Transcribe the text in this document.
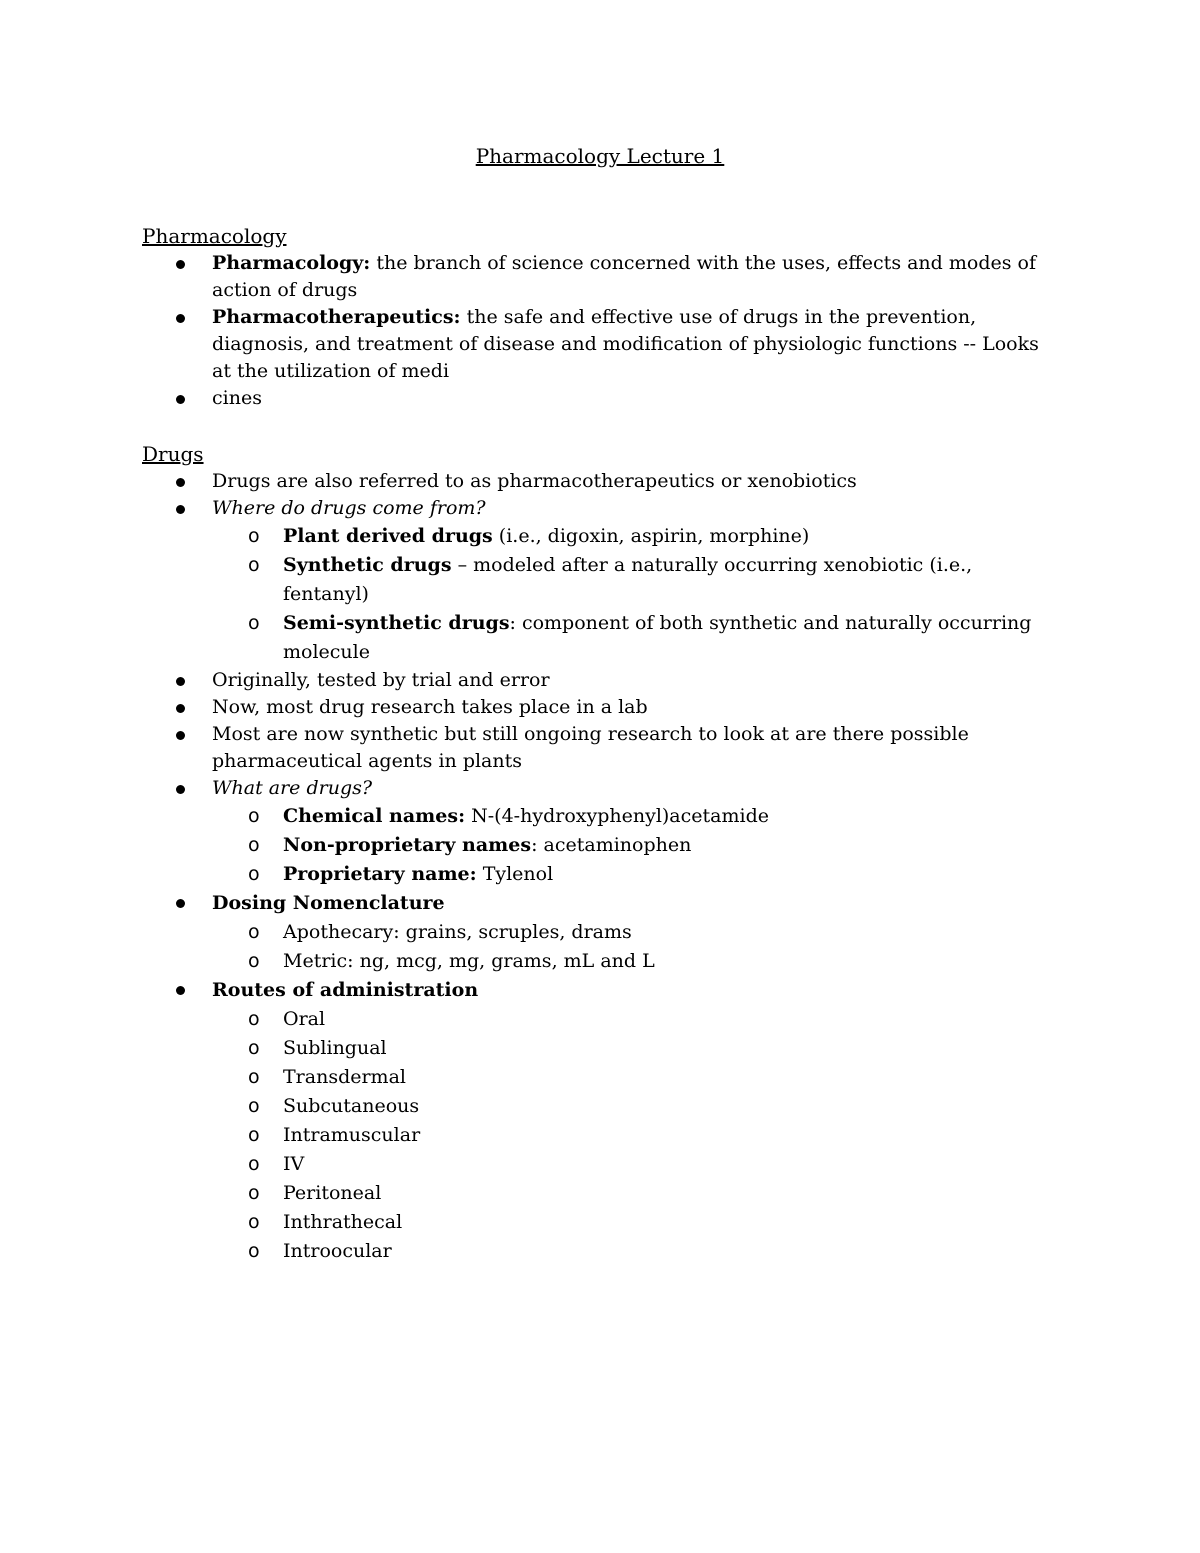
Pharmacology Lecture 1
Pharmacology
Pharmacology: the branch of science concerned with the uses, effects and modes of action of drugs
Pharmacotherapeutics: the safe and effective use of drugs in the prevention, diagnosis, and treatment of disease and modification of physiologic functions -- Looks at the utilization of medi
cines
Drugs
Drugs are also referred to as pharmacotherapeutics or xenobiotics
Where do drugs come from?
o Plant derived drugs (i.e., digoxin, aspirin, morphine)
o Synthetic drugs – modeled after a naturally occurring xenobiotic (i.e., fentanyl)
o Semi-synthetic drugs: component of both synthetic and naturally occurring molecule
Originally, tested by trial and error
Now, most drug research takes place in a lab
Most are now synthetic but still ongoing research to look at are there possible pharmaceutical agents in plants
What are drugs?
o Chemical names: N-(4-hydroxyphenyl)acetamide
o Non-proprietary names: acetaminophen
o Proprietary name: Tylenol
Dosing Nomenclature
o Apothecary: grains, scruples, drams
o Metric: ng, mcg, mg, grams, mL and L
Routes of administration
o Oral
o Sublingual
o Transdermal
o Subcutaneous
o Intramuscular
o IV
o Peritoneal
o Inthrathecal
o Introocular
